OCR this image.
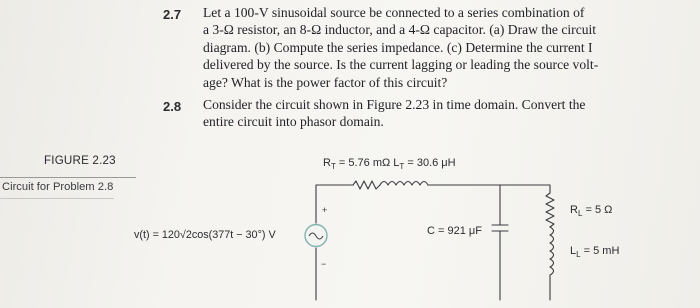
2.7 Let a 100-V sinusoidal source be connected to a series combination of
a 3-Ω resistor, an 8-Ω inductor, and a 4-Ω capacitor. (a) Draw the circuit
diagram. (b) Compute the series impedance. (c) Determine the current I
delivered by the source. Is the current lagging or leading the source volt-
age? What is the power factor of this circuit?
2.8 Consider the circuit shown in Figure 2.23 in time domain. Convert the
entire circuit into phasor domain.
FIGURE 2.23
Circuit for Problem 2.8
+
−
$R_T = 5.76$ mΩ $L_T = 30.6$ μH
v(t) = 120√2cos(377t − 30°) V	C = 921 μF
$R_L = 5$ Ω
$L_L = 5$ mH
